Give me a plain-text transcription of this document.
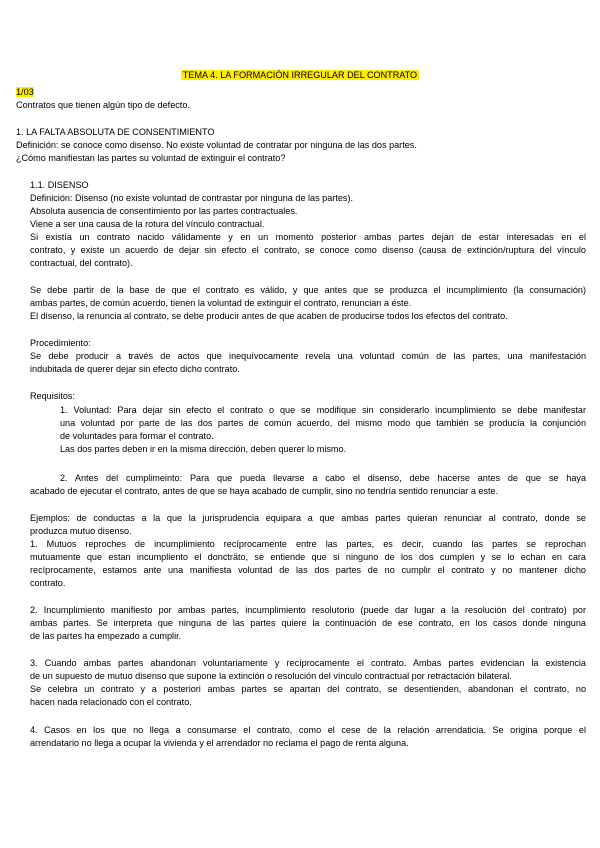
TEMA 4. LA FORMACIÓN IRREGULAR DEL CONTRATO
1/03

Contratos que tienen algún tipo de defecto.

1. LA FALTA ABSOLUTA DE CONSENTIMIENTO

Definición: se conoce como disenso. No existe voluntad de contratar por ninguna de las dos partes.

¿Cómo manifiestan las partes su voluntad de extinguir el contrato?

1.1. DISENSO

Definición: Disenso (no existe voluntad de contrastar por ninguna de las partes).

Absoluta ausencia de consentimiento por las partes contractuales.

Viene a ser una causa de la rotura del vínculo contractual.

Si existía un contrato nacido válidamente y en un momento posterior ambas partes dejan de estar interesadas en el

contrato, y existe un acuerdo de dejar sin efecto el contrato, se conoce como disenso (causa de extinción/ruptura del vínculo

contractual, del contrato).

Se debe partir de la base de que el contrato es válido, y que antes que se produzca el incumplimiento (la consumación)

ambas partes, de común acuerdo, tienen la voluntad de extinguir el contrato, renuncian a éste.

El disenso, la renuncia al contrato, se debe producir antes de que acaben de producirse todos los efectos del contrato.

Procedimiento:

Se debe producir a través de actos que inequívocamente revela una voluntad común de las partes, una manifestación

indubitada de querer dejar sin efecto dicho contrato.

Requisitos:

1. Voluntad: Para dejar sin efecto el contrato o que se modifique sin considerarlo incumplimiento se debe manifestar

una voluntad por parte de las dos partes de común acuerdo, del mismo modo que también se producía la conjunción

de voluntades para formar el contrato.

Las dos partes deben ir en la misma dirección, deben querer lo mismo.

2. Antes del cumplimeinto: Para que pueda llevarse a cabo el disenso, debe hacerse antes de que se haya

acabado de ejecutar el contrato, antes de que se haya acabado de cumplir, sino no tendría sentido renunciar a este.

Ejemplos: de conductas a la que la jurisprudencia equipara a que ambas partes quieran renunciar al contrato, donde se

produzca mutuo disenso.

1. Mutuos reproches de incumplimiento recíprocamente entre las partes, es decir, cuando las partes se reprochan

mutuamente que estan incumpliento el doncträto, se entiende que si ninguno de los dos cumplen y se lo echan en cara

recíprocamente, estamos ante una manifiesta voluntad de las dos partes de no cumplir el contrato y no mantener dicho

contrato.

2. Incumplimiento manifiesto por ambas partes, incumplimiento resolutorio (puede dar lugar a la resolución del contrato) por

ambas partes. Se interpreta que ninguna de las partes quiere la continuación de ese contrato, en los casos donde ninguna

de las partes ha empezado a cumplir.

3. Cuando ambas partes abandonan voluntariamente y recíprocamente el contrato. Ambas partes evidencian la existencia

de un supuesto de mutuo disenso que supone la extinción o resolución del vínculo contractual por retractación bilateral.

Se celebra un contrato y a posteriori ambas partes se apartan del contrato, se desentienden, abandonan el contrato, no

hacen nada relacionado con el contrato.

4. Casos en los que no llega a consumarse el contrato, como el cese de la relación arrendaticia. Se origina porque el

arrendatario no llega a ocupar la vivienda y el arrendador no reclama el pago de renta alguna.
